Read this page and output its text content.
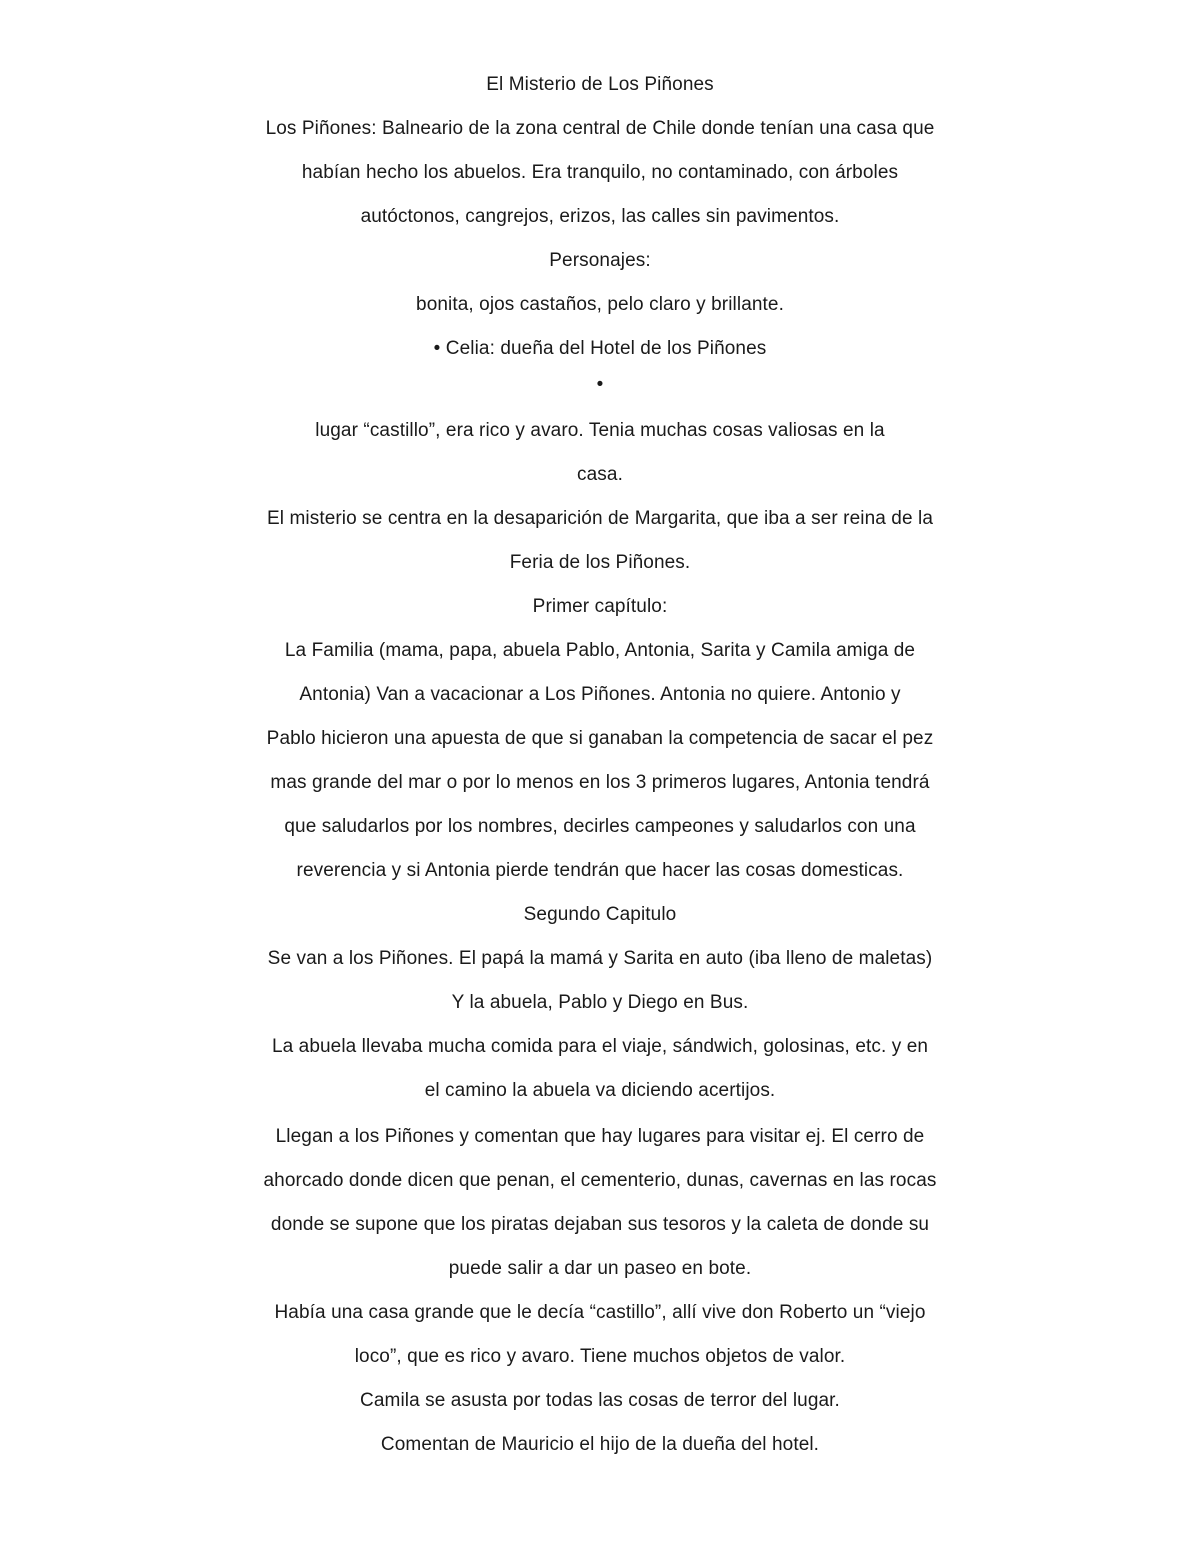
El Misterio de Los Piñones
Los Piñones: Balneario de la zona central de Chile donde tenían una casa que
habían hecho los abuelos. Era tranquilo, no contaminado, con árboles
autóctonos, cangrejos, erizos, las calles sin pavimentos.
Personajes:
bonita, ojos castaños, pelo claro y brillante.
• Celia: dueña del Hotel de los Piñones
•
lugar “castillo”, era rico y avaro. Tenia muchas cosas valiosas en la
casa.
El misterio se centra en la desaparición de Margarita, que iba a ser reina de la
Feria de los Piñones.
Primer capítulo:
La Familia (mama, papa, abuela Pablo, Antonia, Sarita y Camila amiga de
Antonia) Van a vacacionar a Los Piñones. Antonia no quiere. Antonio y
Pablo hicieron una apuesta de que si ganaban la competencia de sacar el pez
mas grande del mar o por lo menos en los 3 primeros lugares, Antonia tendrá
que saludarlos por los nombres, decirles campeones y saludarlos con una
reverencia y si Antonia pierde tendrán que hacer las cosas domesticas.
Segundo Capitulo
Se van a los Piñones. El papá la mamá y Sarita en auto (iba lleno de maletas)
Y la abuela, Pablo y Diego en Bus.
La abuela llevaba mucha comida para el viaje, sándwich, golosinas, etc. y en
el camino la abuela va diciendo acertijos.
Llegan a los Piñones y comentan que hay lugares para visitar ej. El cerro de
ahorcado donde dicen que penan, el cementerio, dunas, cavernas en las rocas
donde se supone que los piratas dejaban sus tesoros y la caleta de donde su
puede salir a dar un paseo en bote.
Había una casa grande que le decía “castillo”, allí vive don Roberto un “viejo
loco”, que es rico y avaro. Tiene muchos objetos de valor.
Camila se asusta por todas las cosas de terror del lugar.
Comentan de Mauricio el hijo de la dueña del hotel.
